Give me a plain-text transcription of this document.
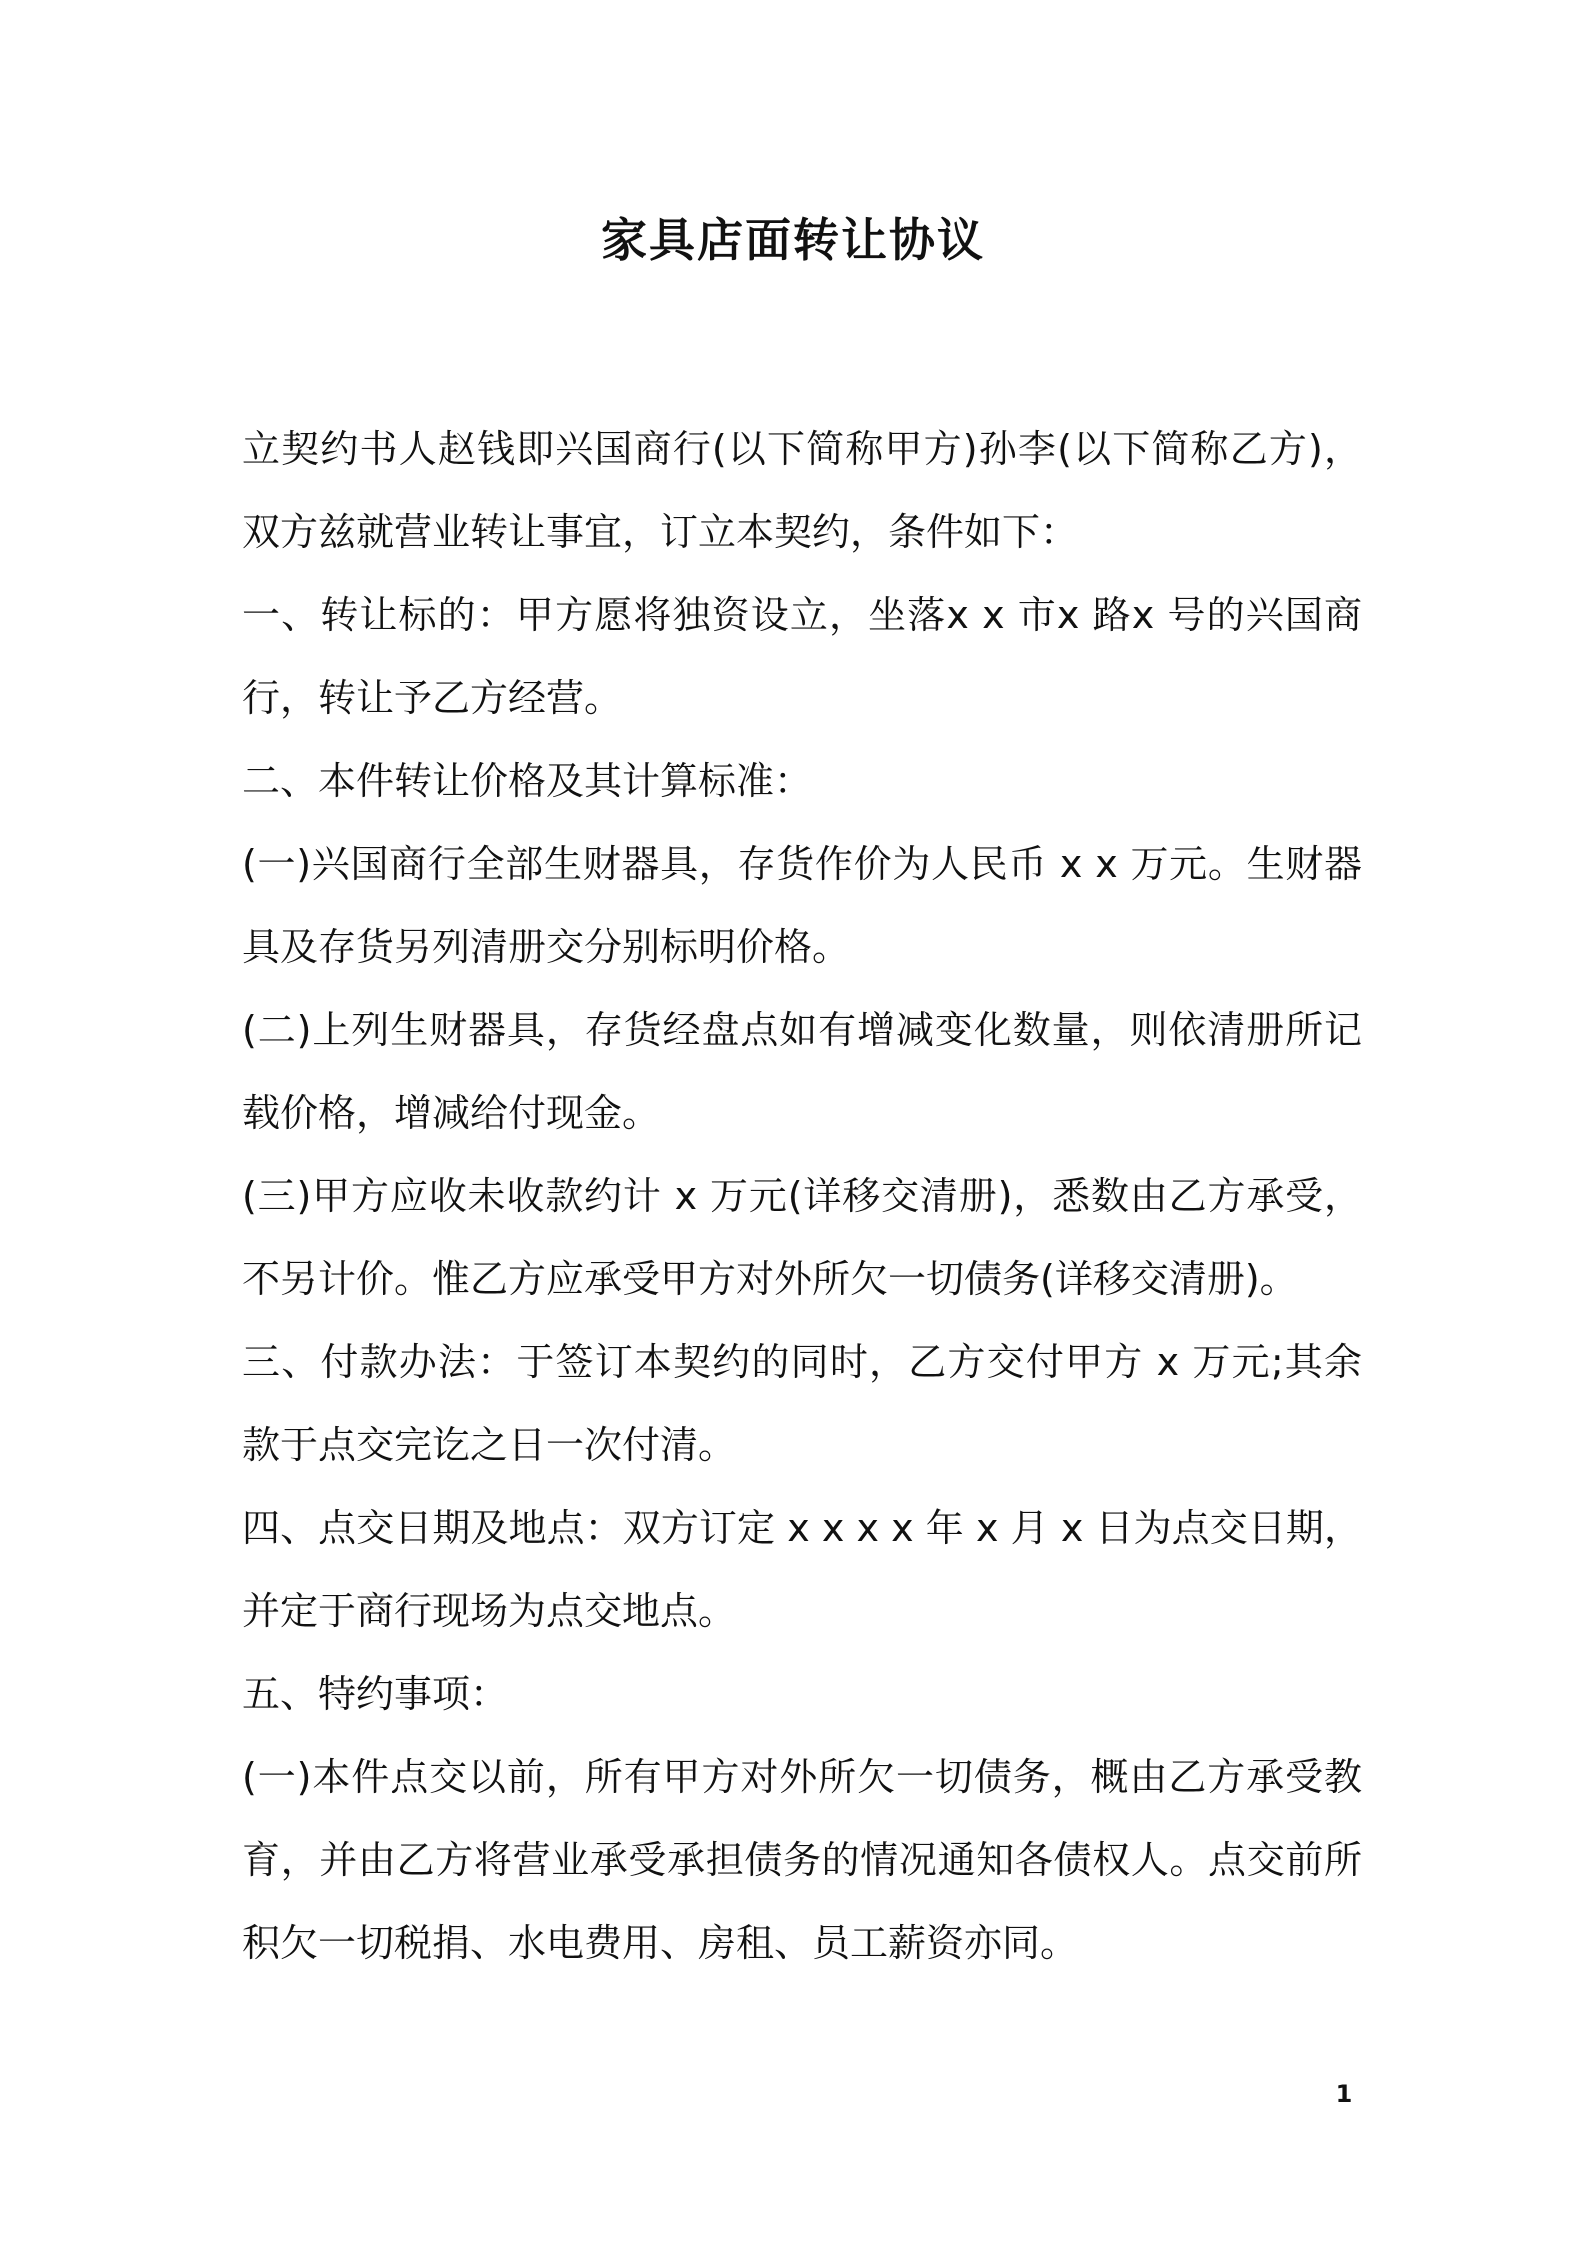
家具店面转让协议

立契约书人赵钱即兴国商行(以下简称甲方)孙李(以下简称乙方)，双方兹就营业转让事宜，订立本契约，条件如下：

一、转让标的：甲方愿将独资设立，坐落x x 市x 路x 号的兴国商行，转让予乙方经营。

二、本件转让价格及其计算标准：

(一)兴国商行全部生财器具，存货作价为人民币 x x 万元。生财器具及存货另列清册交分别标明价格。

(二)上列生财器具，存货经盘点如有增减变化数量，则依清册所记载价格，增减给付现金。

(三)甲方应收未收款约计 x 万元(详移交清册)，悉数由乙方承受，不另计价。惟乙方应承受甲方对外所欠一切债务(详移交清册)。

三、付款办法：于签订本契约的同时，乙方交付甲方 x 万元;其余款于点交完讫之日一次付清。

四、点交日期及地点：双方订定 x x x x 年 x 月 x 日为点交日期，并定于商行现场为点交地点。

五、特约事项：

(一)本件点交以前，所有甲方对外所欠一切债务，概由乙方承受教育，并由乙方将营业承受承担债务的情况通知各债权人。点交前所积欠一切税捐、水电费用、房租、员工薪资亦同。

1
